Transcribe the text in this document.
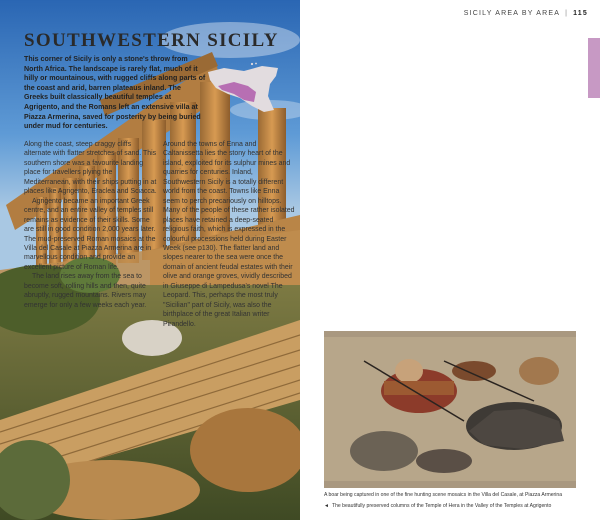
SICILY AREA BY AREA | 115
SOUTHWESTERN SICILY
This corner of Sicily is only a stone's throw from North Africa. The landscape is rarely flat, much of it hilly or mountainous, with rugged cliffs along parts of the coast and arid, barren plateaus inland. The Greeks built classically beautiful temples at Agrigento, and the Romans left an extensive villa at Piazza Armerina, saved for posterity by being buried under mud for centuries.

Along the coast, steep craggy cliffs alternate with flatter stretches of sand. This southern shore was a favourite landing place for travellers plying the Mediterranean, with their ships putting in at places like Agrigento, Eraclea and Sciacca.

Agrigento became an important Greek centre, and an entire valley of temples still remains as evidence of their skills. Some are still in good condition 2,000 years later. The mud-preserved Roman mosaics at the Villa del Casale at Piazza Armerina are in marvellous condition and provide an excellent picture of Roman life.

The land rises away from the sea to become soft, rolling hills and then, quite abruptly, rugged mountains. Rivers may emerge for only a few weeks each year.

Around the towns of Enna and Caltanissetta lies the stony heart of the island, exploited for its sulphur mines and quarries for centuries. Inland, Southwestern Sicily is a totally different world from the coast. Towns like Enna seem to perch precariously on hilltops. Many of the people of these rather isolated places have retained a deep-seated religious faith, which is expressed in the colourful processions held during Easter Week (see p130). The flatter land and slopes nearer to the sea were once the domain of ancient feudal estates with their olive and orange groves, vividly described in Giuseppe di Lampedusa's novel The Leopard. This, perhaps the most truly "Sicilian" part of Sicily, was also the birthplace of the great Italian writer Pirandello.

A boar being captured in one of the fine hunting scene mosaics in the Villa del Casale, at Piazza Armerina
◄ The beautifully preserved columns of the Temple of Hera in the Valley of the Temples at Agrigento
